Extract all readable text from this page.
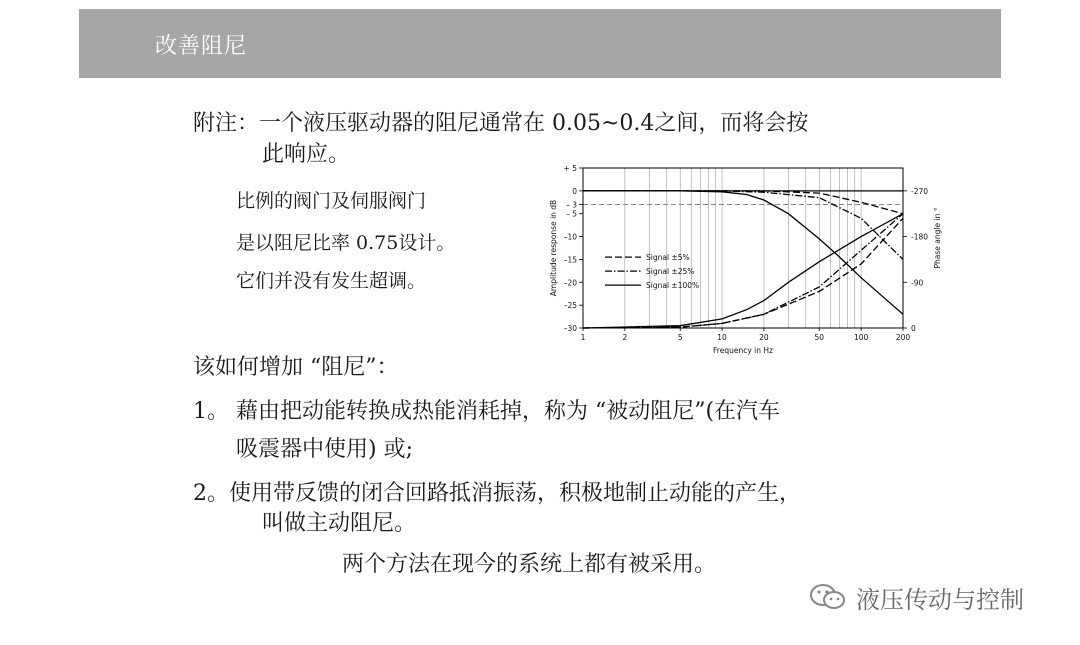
改善阻尼
附注：一个液压驱动器的阻尼通常在 0.05~0.4之间，而将会按
此响应。
比例的阀门及伺服阀门
是以阻尼比率 0.75设计。
它们并没有发生超调。
+ 5
0
– 3
– 5
–10
–15
–20
–25
–30
-270
-180
-90
0
1	2	5	10	20	50	100	200
Frequency in Hz
Amplitude response in dB	Phase angle in °
Signal ±5%
Signal ±25%
Signal ±100%
该如何增加 “阻尼”：
1。 藉由把动能转换成热能消耗掉，称为 “被动阻尼”(在汽车
吸震器中使用) 或;
2。使用带反馈的闭合回路抵消振荡，积极地制止动能的产生，
叫做主动阻尼。
两个方法在现今的系统上都有被采用。
液压传动与控制
